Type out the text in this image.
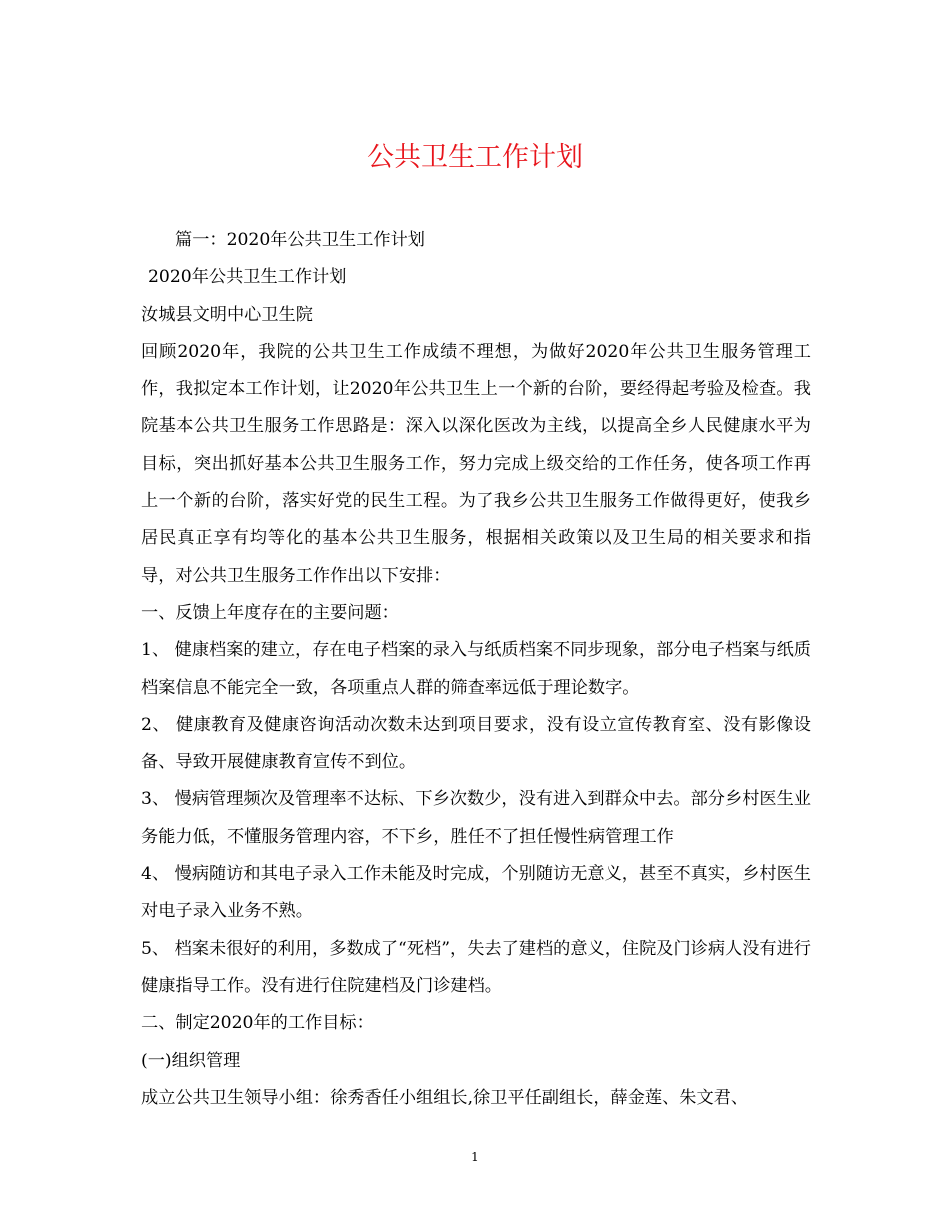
公共卫生工作计划

篇一：2020年公共卫生工作计划

2020年公共卫生工作计划

汝城县文明中心卫生院

回顾2020年，我院的公共卫生工作成绩不理想，为做好2020年公共卫生服务管理工作，我拟定本工作计划，让2020年公共卫生上一个新的台阶，要经得起考验及检查。我院基本公共卫生服务工作思路是：深入以深化医改为主线，以提高全乡人民健康水平为目标，突出抓好基本公共卫生服务工作，努力完成上级交给的工作任务，使各项工作再上一个新的台阶，落实好党的民生工程。为了我乡公共卫生服务工作做得更好，使我乡居民真正享有均等化的基本公共卫生服务，根据相关政策以及卫生局的相关要求和指导，对公共卫生服务工作作出以下安排：

一、反馈上年度存在的主要问题：

1、 健康档案的建立，存在电子档案的录入与纸质档案不同步现象，部分电子档案与纸质档案信息不能完全一致，各项重点人群的筛查率远低于理论数字。

2、 健康教育及健康咨询活动次数未达到项目要求，没有设立宣传教育室、没有影像设备、导致开展健康教育宣传不到位。

3、 慢病管理频次及管理率不达标、下乡次数少，没有进入到群众中去。部分乡村医生业务能力低，不懂服务管理内容，不下乡，胜任不了担任慢性病管理工作

4、 慢病随访和其电子录入工作未能及时完成，个别随访无意义，甚至不真实，乡村医生对电子录入业务不熟。

5、 档案未很好的利用，多数成了“死档”，失去了建档的意义，住院及门诊病人没有进行健康指导工作。没有进行住院建档及门诊建档。

二、制定2020年的工作目标：

(一)组织管理

成立公共卫生领导小组：徐秀香任小组组长,徐卫平任副组长，薛金莲、朱文君、

1
